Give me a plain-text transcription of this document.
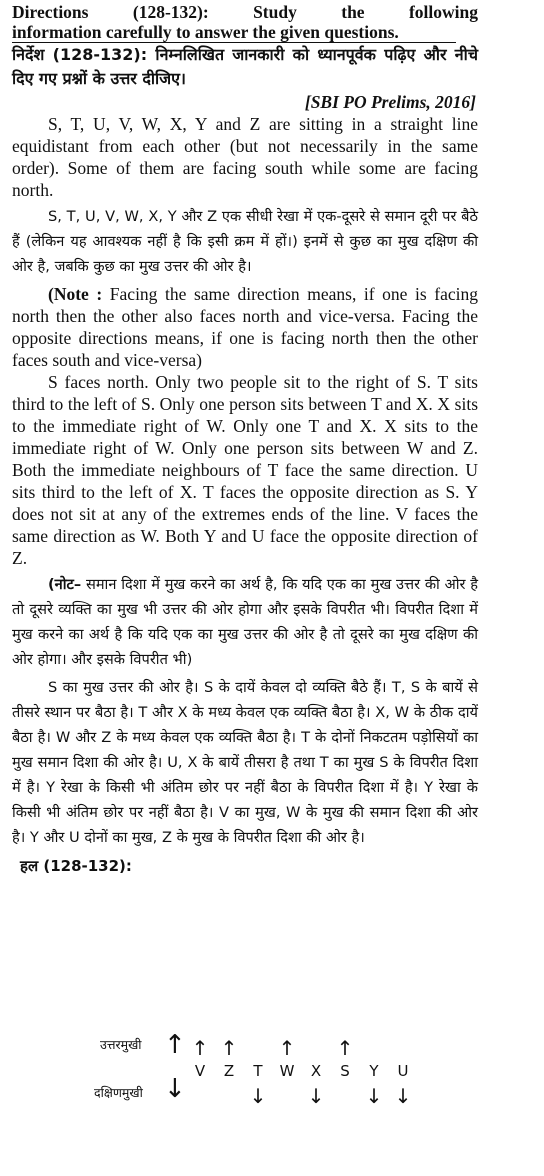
Directions (128-132): Study the following
information carefully to answer the given questions.
निर्देश (128-132): निम्नलिखित जानकारी को ध्यानपूर्वक पढ़िए और नीचे दिए गए प्रश्नों के उत्तर दीजिए।
[SBI PO Prelims, 2016]

S, T, U, V, W, X, Y and Z are sitting in a straight line equidistant from each other (but not necessarily in the same order). Some of them are facing south while some are facing north.

S, T, U, V, W, X, Y और Z एक सीधी रेखा में एक-दूसरे से समान दूरी पर बैठे हैं (लेकिन यह आवश्यक नहीं है कि इसी क्रम में हों।) इनमें से कुछ का मुख दक्षिण की ओर है, जबकि कुछ का मुख उत्तर की ओर है।

(Note : Facing the same direction means, if one is facing north then the other also faces north and vice-versa. Facing the opposite directions means, if one is facing north then the other faces south and vice-versa)

S faces north. Only two people sit to the right of S. T sits third to the left of S. Only one person sits between T and X. X sits to the immediate right of W. Only one T and X. X sits to the immediate right of W. Only one person sits between W and Z. Both the immediate neighbours of T face the same direction. U sits third to the left of X. T faces the opposite direction as S. Y does not sit at any of the extremes ends of the line. V faces the same direction as W. Both Y and U face the opposite direction of Z.

(नोट– समान दिशा में मुख करने का अर्थ है, कि यदि एक का मुख उत्तर की ओर है तो दूसरे व्यक्ति का मुख भी उत्तर की ओर होगा और इसके विपरीत भी। विपरीत दिशा में मुख करने का अर्थ है कि यदि एक का मुख उत्तर की ओर है तो दूसरे का मुख दक्षिण की ओर होगा। और इसके विपरीत भी)

S का मुख उत्तर की ओर है। S के दायें केवल दो व्यक्ति बैठे हैं। T, S के बायें से तीसरे स्थान पर बैठा है। T और X के मध्य केवल एक व्यक्ति बैठा है। X, W के ठीक दायें बैठा है। W और Z के मध्य केवल एक व्यक्ति बैठा है। T के दोनों निकटतम पड़ोसियों का मुख समान दिशा की ओर है। U, X के बायें तीसरा है तथा T का मुख S के विपरीत दिशा में है। Y रेखा के किसी भी अंतिम छोर पर नहीं बैठा के विपरीत दिशा में है। Y रेखा के किसी भी अंतिम छोर पर नहीं बैठा है। V का मुख, W के मुख की समान दिशा की ओर है। Y और U दोनों का मुख, Z के मुख के विपरीत दिशा की ओर है।

हल (128-132):
उत्तरमुखी ↑
दक्षिणमुखी ↓
V
↑
Z
↑
T
↓
W
↑
X
↓
S
↑
Y
↓
U
↓
